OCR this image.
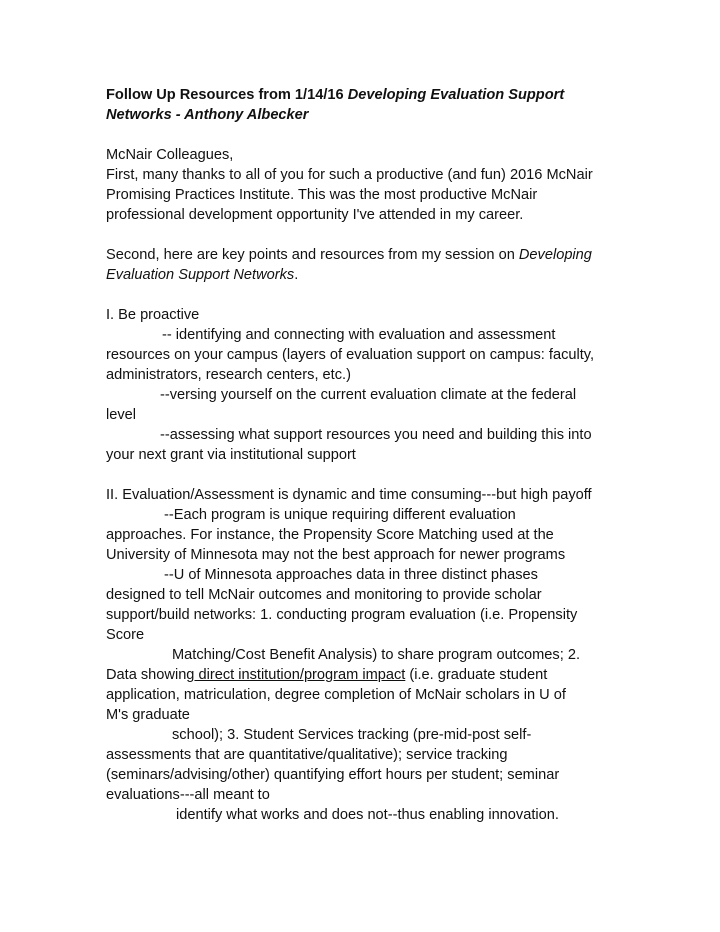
Follow Up Resources from 1/14/16 Developing Evaluation Support
Networks - Anthony Albecker
McNair Colleagues,
First, many thanks to all of you for such a productive (and fun) 2016 McNair
Promising Practices Institute. This was the most productive McNair
professional development opportunity I've attended in my career.
Second, here are key points and resources from my session on Developing
Evaluation Support Networks.
I. Be proactive
-- identifying and connecting with evaluation and assessment
resources on your campus (layers of evaluation support on campus: faculty,
administrators, research centers, etc.)
--versing yourself on the current evaluation climate at the federal
level
--assessing what support resources you need and building this into
your next grant via institutional support
II. Evaluation/Assessment is dynamic and time consuming---but high payoff
--Each program is unique requiring different evaluation
approaches. For instance, the Propensity Score Matching used at the
University of Minnesota may not the best approach for newer programs
--U of Minnesota approaches data in three distinct phases
designed to tell McNair outcomes and monitoring to provide scholar
support/build networks: 1. conducting program evaluation (i.e. Propensity
Score
Matching/Cost Benefit Analysis) to share program outcomes; 2.
Data showing direct institution/program impact (i.e. graduate student
application, matriculation, degree completion of McNair scholars in U of
M's graduate
school); 3. Student Services tracking (pre-mid-post self-
assessments that are quantitative/qualitative); service tracking
(seminars/advising/other) quantifying effort hours per student; seminar
evaluations---all meant to
identify what works and does not--thus enabling innovation.
